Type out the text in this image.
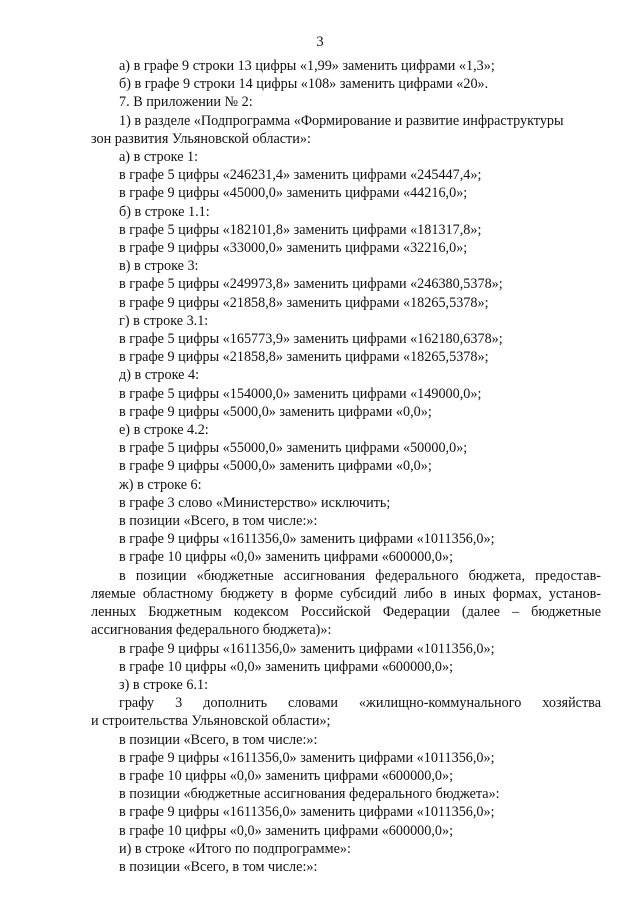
3
а) в графе 9 строки 13 цифры «1,99» заменить цифрами «1,3»;
б) в графе 9 строки 14 цифры «108» заменить цифрами «20».
7. В приложении № 2:
1) в разделе «Подпрограмма «Формирование и развитие инфраструктуры
зон развития Ульяновской области»:
а) в строке 1:
в графе 5 цифры «246231,4» заменить цифрами «245447,4»;
в графе 9 цифры «45000,0» заменить цифрами «44216,0»;
б) в строке 1.1:
в графе 5 цифры «182101,8» заменить цифрами «181317,8»;
в графе 9 цифры «33000,0» заменить цифрами «32216,0»;
в) в строке 3:
в графе 5 цифры «249973,8» заменить цифрами «246380,5378»;
в графе 9 цифры «21858,8» заменить цифрами «18265,5378»;
г) в строке 3.1:
в графе 5 цифры «165773,9» заменить цифрами «162180,6378»;
в графе 9 цифры «21858,8» заменить цифрами «18265,5378»;
д) в строке 4:
в графе 5 цифры «154000,0» заменить цифрами «149000,0»;
в графе 9 цифры «5000,0» заменить цифрами «0,0»;
е) в строке 4.2:
в графе 5 цифры «55000,0» заменить цифрами «50000,0»;
в графе 9 цифры «5000,0» заменить цифрами «0,0»;
ж) в строке 6:
в графе 3 слово «Министерство» исключить;
в позиции «Всего, в том числе:»:
в графе 9 цифры «1611356,0» заменить цифрами «1011356,0»;
в графе 10 цифры «0,0» заменить цифрами «600000,0»;
в позиции «бюджетные ассигнования федерального бюджета, предостав-
ляемые областному бюджету в форме субсидий либо в иных формах, установ-
ленных Бюджетным кодексом Российской Федерации (далее – бюджетные
ассигнования федерального бюджета)»:
в графе 9 цифры «1611356,0» заменить цифрами «1011356,0»;
в графе 10 цифры «0,0» заменить цифрами «600000,0»;
з) в строке 6.1:
графу 3 дополнить словами «жилищно-коммунального хозяйства
и строительства Ульяновской области»;
в позиции «Всего, в том числе:»:
в графе 9 цифры «1611356,0» заменить цифрами «1011356,0»;
в графе 10 цифры «0,0» заменить цифрами «600000,0»;
в позиции «бюджетные ассигнования федерального бюджета»:
в графе 9 цифры «1611356,0» заменить цифрами «1011356,0»;
в графе 10 цифры «0,0» заменить цифрами «600000,0»;
и) в строке «Итого по подпрограмме»:
в позиции «Всего, в том числе:»:
